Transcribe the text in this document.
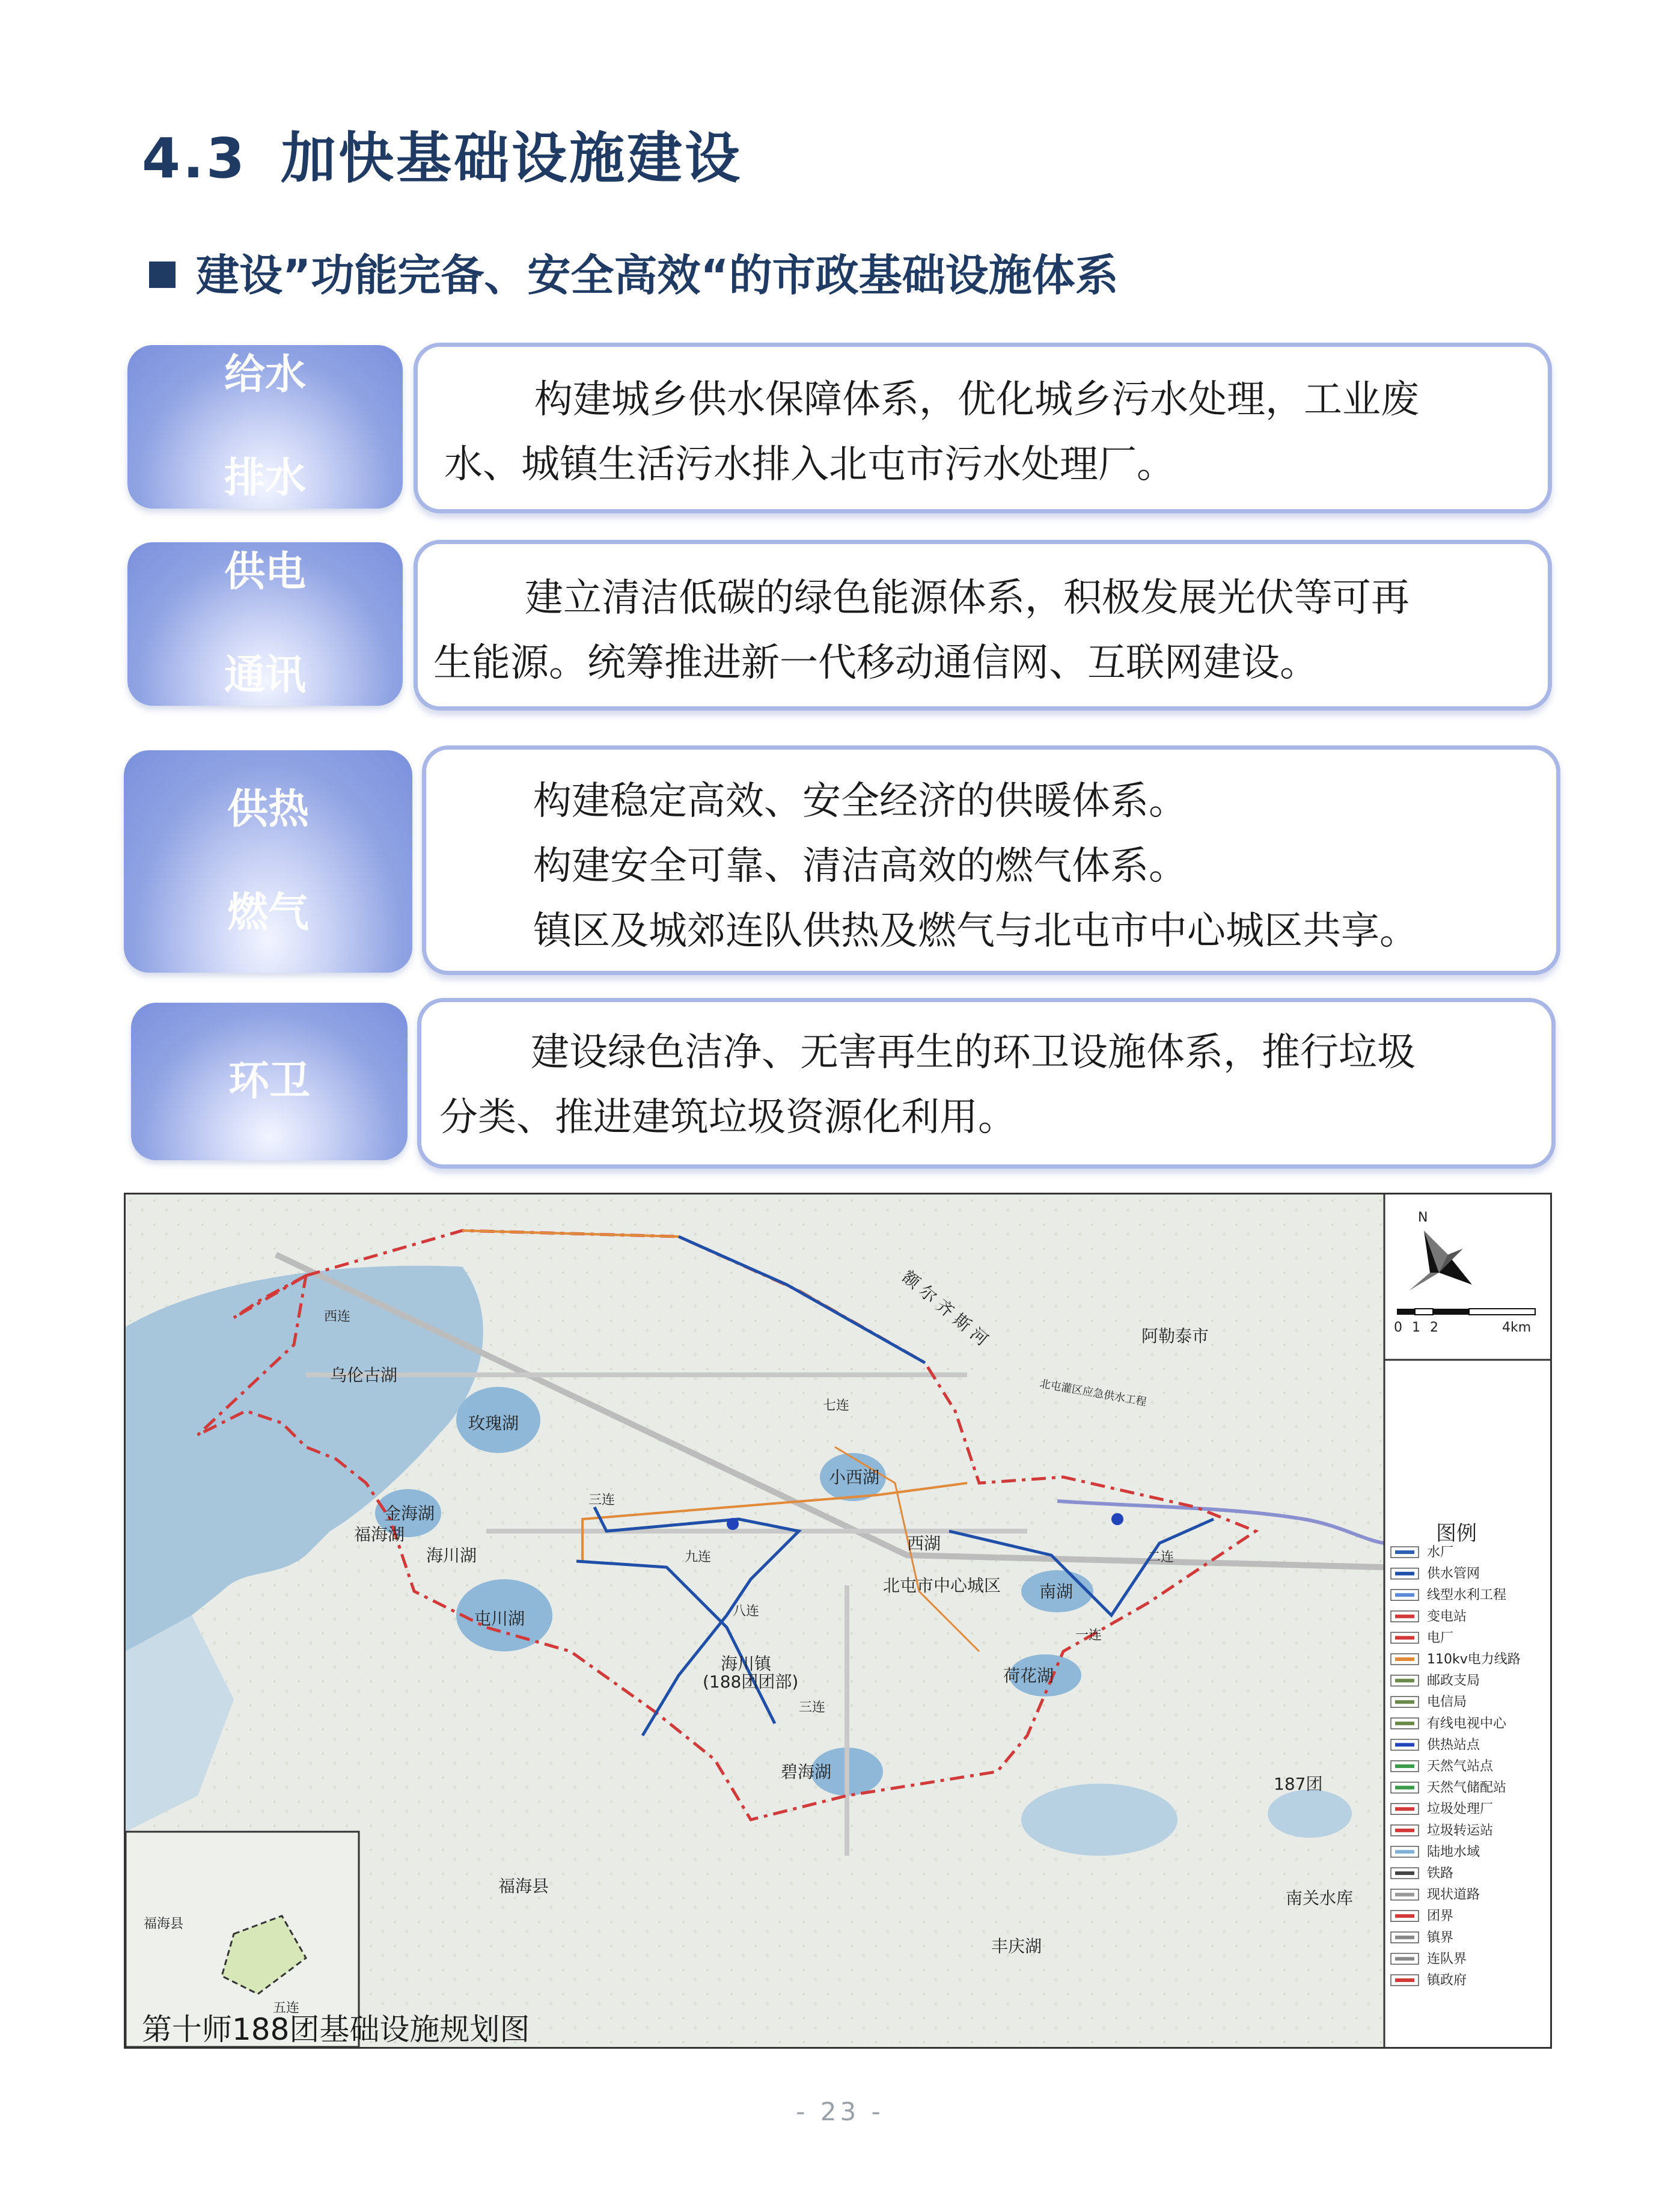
4.3 加快基础设施建设
建设”功能完备、安全高效“的市政基础设施体系
给水

排水
构建城乡供水保障体系，优化城乡污水处理，工业废
水、城镇生活污水排入北屯市污水处理厂。
供电

通讯
建立清洁低碳的绿色能源体系，积极发展光伏等可再
生能源。统筹推进新一代移动通信网、互联网建设。
供热

燃气
构建稳定高效、安全经济的供暖体系。
构建安全可靠、清洁高效的燃气体系。
镇区及城郊连队供热及燃气与北屯市中心城区共享。
环卫
建设绿色洁净、无害再生的环卫设施体系，推行垃圾
分类、推进建筑垃圾资源化利用。
乌伦古湖
玫瑰湖
小西湖
金海湖
福海湖
海川湖
屯川湖
北屯市中心城区
西湖
南湖
荷花湖
碧海湖
海川镇
(188团团部)
福海县
丰庆湖
南关水库
187团
阿勒泰市
额 尔 齐 斯 河
北屯灌区应急供水工程
西连
七连
九连
八连
三连
二连
一连
三连
福海县
五连
N
0 1 2	4km
图例
水厂
供水管网
线型水利工程
变电站
电厂
110kv电力线路
邮政支局
电信局
有线电视中心
供热站点
天然气站点
天然气储配站
垃圾处理厂
垃圾转运站
陆地水域
铁路
现状道路
团界
镇界
连队界
镇政府
第十师188团基础设施规划图
- 23 -
